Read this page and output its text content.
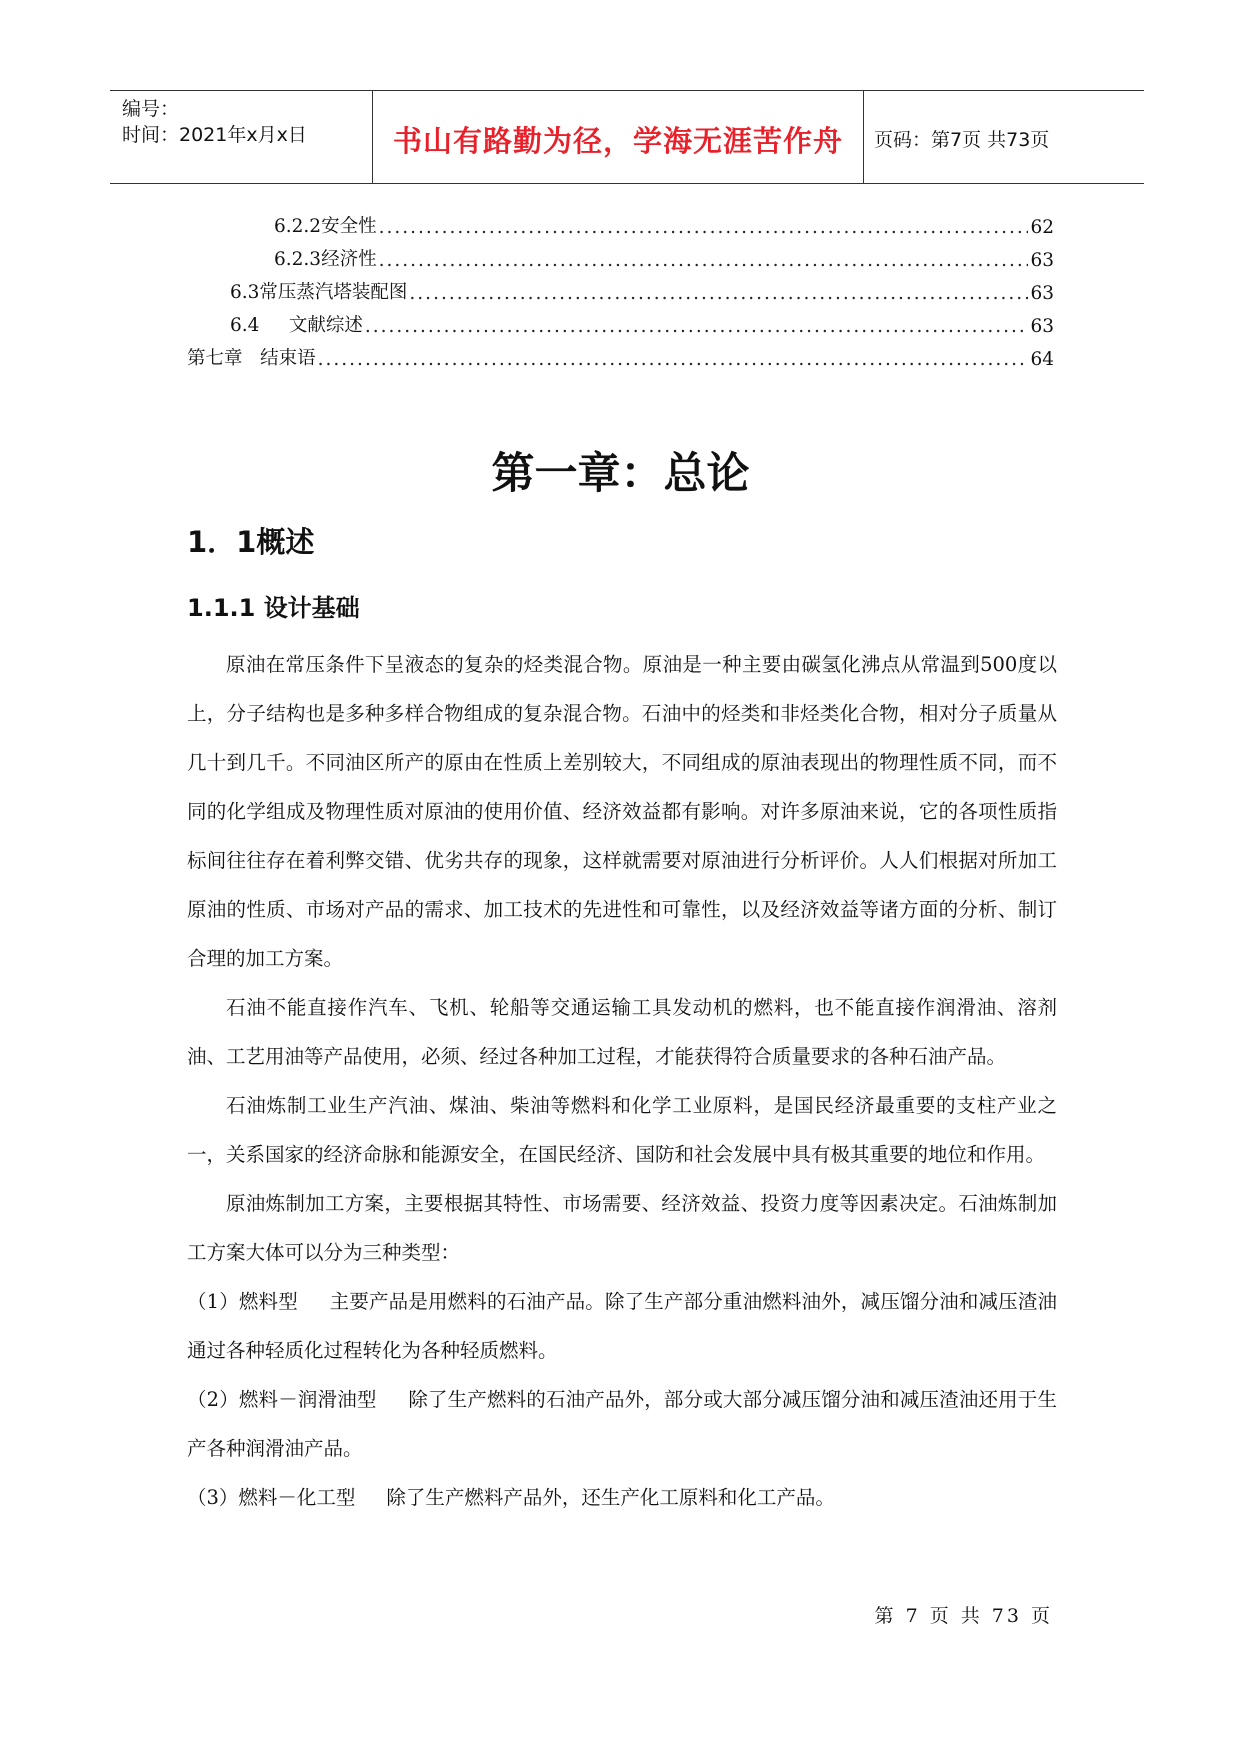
编号：
时间：2021年x月x日	书山有路勤为径，学海无涯苦作舟	页码：第7页 共73页
6.2.2安全性 .....	62
6.2.3经济性 .....	63
6.3常压蒸汽塔装配图 .....	63
6.4     文献综述 .....	63
第七章   结束语 .....	64
第一章：总论
1．1概述
1.1.1 设计基础

原油在常压条件下呈液态的复杂的烃类混合物。原油是一种主要由碳氢化沸点从常温到500度以上，分子结构也是多种多样合物组成的复杂混合物。石油中的烃类和非烃类化合物，相对分子质量从几十到几千。不同油区所产的原由在性质上差别较大，不同组成的原油表现出的物理性质不同，而不同的化学组成及物理性质对原油的使用价值、经济效益都有影响。对许多原油来说，它的各项性质指标间往往存在着利弊交错、优劣共存的现象，这样就需要对原油进行分析评价。人人们根据对所加工原油的性质、市场对产品的需求、加工技术的先进性和可靠性，以及经济效益等诸方面的分析、制订合理的加工方案。

石油不能直接作汽车、飞机、轮船等交通运输工具发动机的燃料，也不能直接作润滑油、溶剂油、工艺用油等产品使用，必须、经过各种加工过程，才能获得符合质量要求的各种石油产品。

石油炼制工业生产汽油、煤油、柴油等燃料和化学工业原料，是国民经济最重要的支柱产业之一，关系国家的经济命脉和能源安全，在国民经济、国防和社会发展中具有极其重要的地位和作用。

原油炼制加工方案，主要根据其特性、市场需要、经济效益、投资力度等因素决定。石油炼制加工方案大体可以分为三种类型：

（1）燃料型     主要产品是用燃料的石油产品。除了生产部分重油燃料油外，减压馏分油和减压渣油通过各种轻质化过程转化为各种轻质燃料。

（2）燃料－润滑油型     除了生产燃料的石油产品外，部分或大部分减压馏分油和减压渣油还用于生产各种润滑油产品。

（3）燃料－化工型     除了生产燃料产品外，还生产化工原料和化工产品。

第 7 页 共 73 页
